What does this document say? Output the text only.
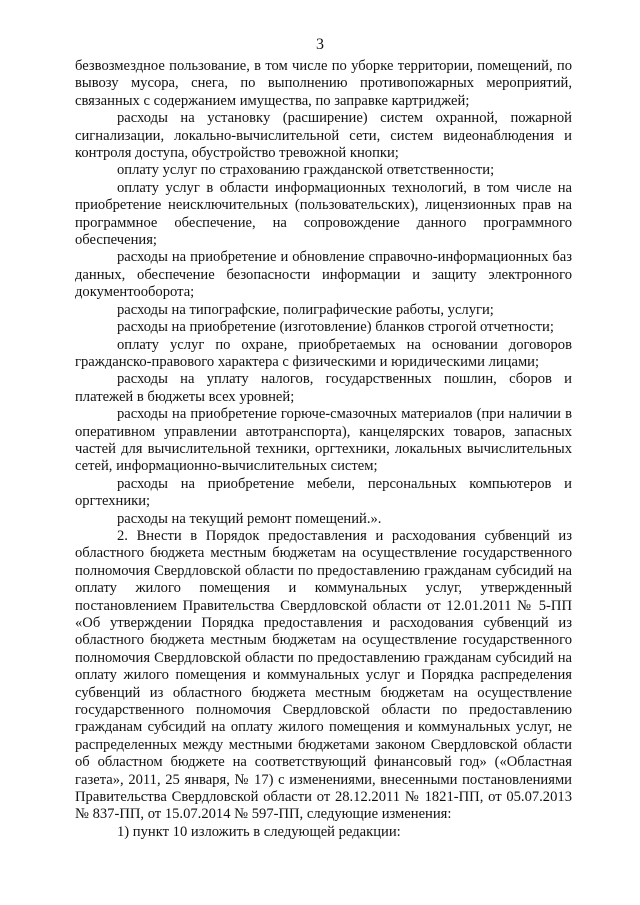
3

безвозмездное пользование, в том числе по уборке территории, помещений, по вывозу мусора, снега, по выполнению противопожарных мероприятий, связанных с содержанием имущества, по заправке картриджей;

расходы на установку (расширение) систем охранной, пожарной сигнализации, локально-вычислительной сети, систем видеонаблюдения и контроля доступа, обустройство тревожной кнопки;

оплату услуг по страхованию гражданской ответственности;

оплату услуг в области информационных технологий, в том числе на приобретение неисключительных (пользовательских), лицензионных прав на программное обеспечение, на сопровождение данного программного обеспечения;

расходы на приобретение и обновление справочно-информационных баз данных, обеспечение безопасности информации и защиту электронного документооборота;

расходы на типографские, полиграфические работы, услуги;

расходы на приобретение (изготовление) бланков строгой отчетности;

оплату услуг по охране, приобретаемых на основании договоров гражданско-правового характера с физическими и юридическими лицами;

расходы на уплату налогов, государственных пошлин, сборов и платежей в бюджеты всех уровней;

расходы на приобретение горюче-смазочных материалов (при наличии в оперативном управлении автотранспорта), канцелярских товаров, запасных частей для вычислительной техники, оргтехники, локальных вычислительных сетей, информационно-вычислительных систем;

расходы на приобретение мебели, персональных компьютеров и оргтехники;

расходы на текущий ремонт помещений.».

2. Внести в Порядок предоставления и расходования субвенций из областного бюджета местным бюджетам на осуществление государственного полномочия Свердловской области по предоставлению гражданам субсидий на оплату жилого помещения и коммунальных услуг, утвержденный постановлением Правительства Свердловской области от 12.01.2011 № 5-ПП «Об утверждении Порядка предоставления и расходования субвенций из областного бюджета местным бюджетам на осуществление государственного полномочия Свердловской области по предоставлению гражданам субсидий на оплату жилого помещения и коммунальных услуг и Порядка распределения субвенций из областного бюджета местным бюджетам на осуществление государственного полномочия Свердловской области по предоставлению гражданам субсидий на оплату жилого помещения и коммунальных услуг, не распределенных между местными бюджетами законом Свердловской области об областном бюджете на соответствующий финансовый год» («Областная газета», 2011, 25 января, № 17) с изменениями, внесенными постановлениями Правительства Свердловской области от 28.12.2011 № 1821-ПП, от 05.07.2013 № 837-ПП, от 15.07.2014 № 597-ПП, следующие изменения:

1) пункт 10 изложить в следующей редакции:
